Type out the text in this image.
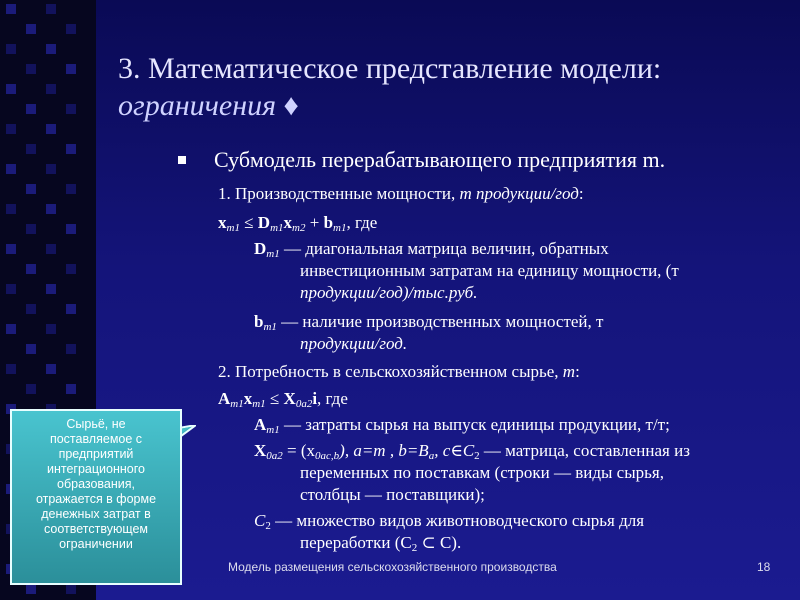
3. Математическое представление модели:
ограничения ♦
Субмодель перерабатывающего предприятия m.
1. Производственные мощности, т продукции/год:
$x_{m1} \le D_{m1}x_{m2} + b_{m1}$, где
$D_{m1}$ — диагональная матрица величин, обратных
инвестиционным затратам на единицу мощности, (т
продукции/год)/тыс.руб.
$b_{m1}$ — наличие производственных мощностей, т
продукции/год.
2. Потребность в сельскохозяйственном сырье, т:
$A_{m1}x_{m1} \le X_{0a2}i$, где
$A_{m1}$ — затраты сырья на выпуск единицы продукции, т/т;
$X_{0a2} = (x_{0ac,b})$, a=m , $b=B_a$, $c\in C_2$ — матрица, составленная из
переменных по поставкам (строки — виды сырья,
столбцы — поставщики);
$C_2$ — множество видов животноводческого сырья для
переработки ($C_2$ ⊂ C).
Сырьё, не
поставляемое с
предприятий
интеграционного
образования,
отражается в форме
денежных затрат в
соответствующем
ограничении
Модель размещения сельскохозяйственного производства	18
